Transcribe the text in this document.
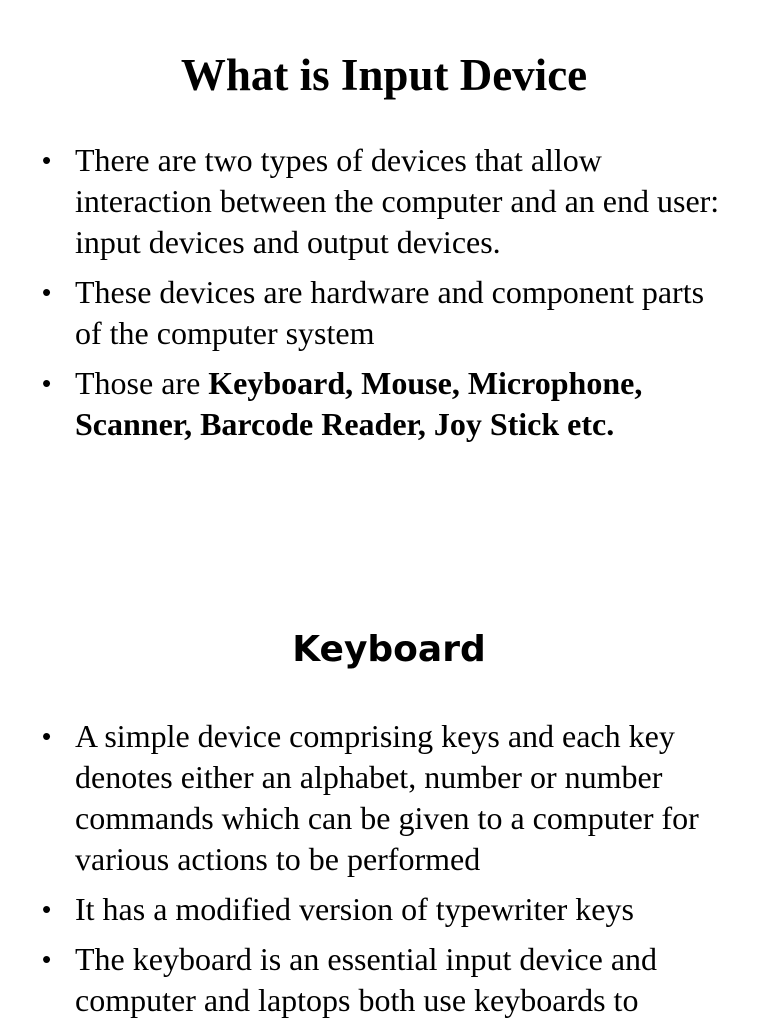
What is Input Device
• There are two types of devices that allow interaction between the computer and an end user: input devices and output devices.
• These devices are hardware and component parts of the computer system
• Those are Keyboard, Mouse, Microphone, Scanner, Barcode Reader, Joy Stick etc.
Keyboard
• A simple device comprising keys and each key denotes either an alphabet, number or number commands which can be given to a computer for various actions to be performed
• It has a modified version of typewriter keys
• The keyboard is an essential input device and computer and laptops both use keyboards to
